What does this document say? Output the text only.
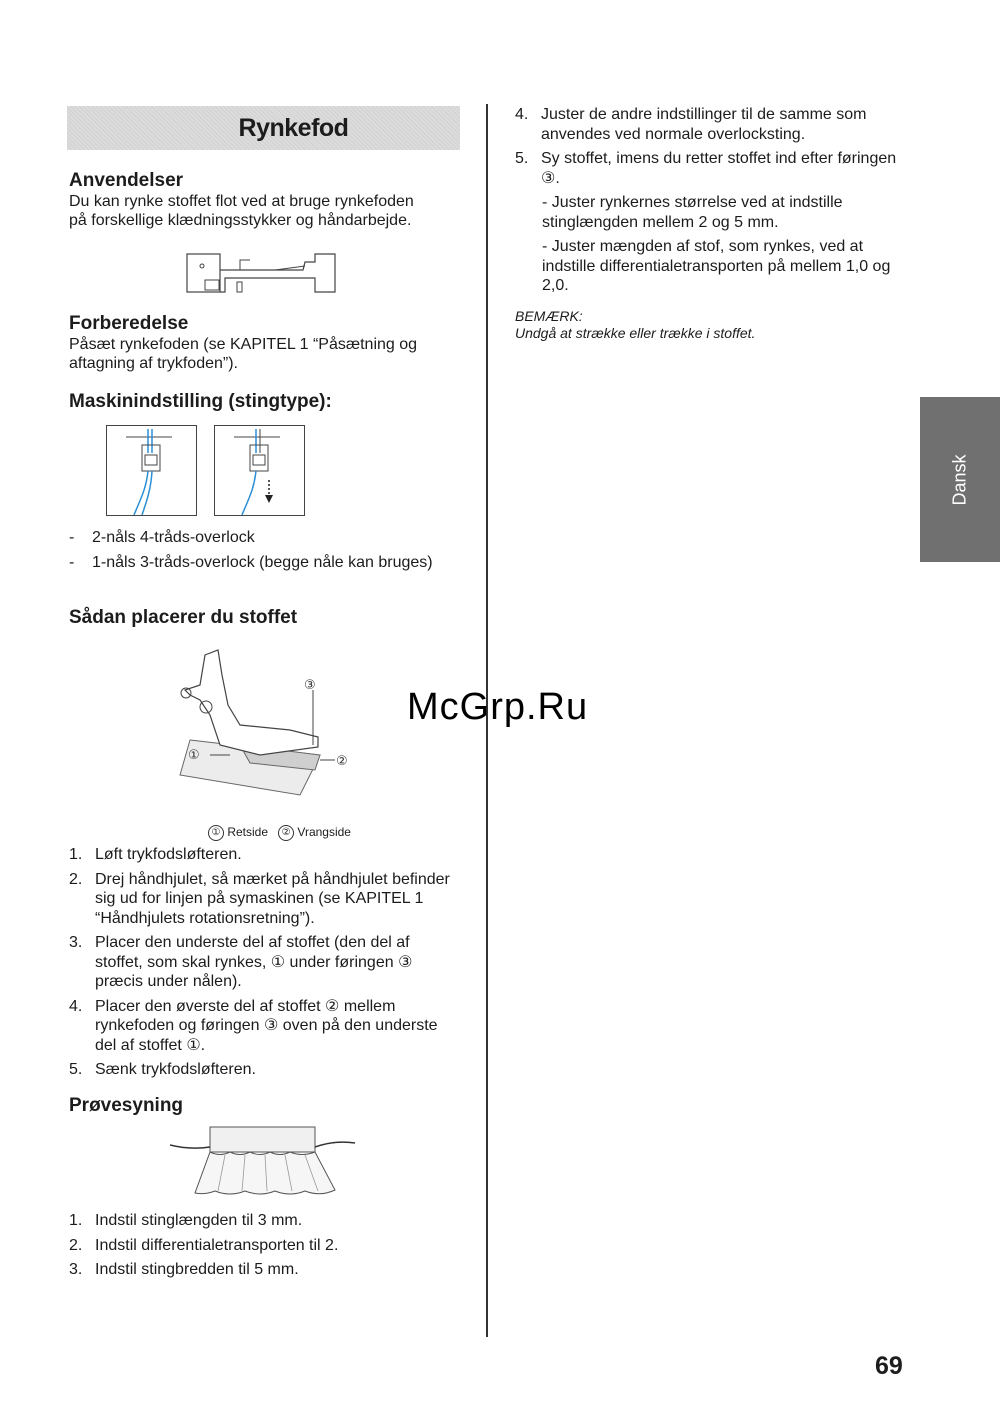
Rynkefod
Anvendelser

Du kan rynke stoffet flot ved at bruge rynkefoden

på forskellige klædningsstykker og håndarbejde.

Forberedelse

Påsæt rynkefoden (se KAPITEL 1 “Påsætning og

aftagning af trykfoden”).

Maskinindstilling (stingtype):
- 2-nåls 4-tråds-overlock
- 1-nåls 3-tråds-overlock (begge nåle kan bruges)
Sådan placerer du stoffet
③
①	②
① Retside ② Vrangside
1. Løft trykfodsløfteren.
2. Drej håndhjulet, så mærket på håndhjulet befinder sig ud for linjen på symaskinen (se KAPITEL 1 “Håndhjulets rotationsretning”).
3. Placer den underste del af stoffet (den del af stoffet, som skal rynkes, ① under føringen ③ præcis under nålen).
4. Placer den øverste del af stoffet ② mellem rynkefoden og føringen ③ oven på den underste del af stoffet ①.
5. Sænk trykfodsløfteren.
Prøvesyning
1. Indstil stinglængden til 3 mm.
2. Indstil differentialetransporten til 2.
3. Indstil stingbredden til 5 mm.
4. Juster de andre indstillinger til de samme som anvendes ved normale overlocksting.
5. Sy stoffet, imens du retter stoffet ind efter føringen ③.

- Juster rynkernes størrelse ved at indstille stinglængden mellem 2 og 5 mm.

- Juster mængden af stof, som rynkes, ved at indstille differentialetransporten på mellem 1,0 og 2,0.

BEMÆRK:

Undgå at strække eller trække i stoffet.

Dansk
McGrp.Ru
69
